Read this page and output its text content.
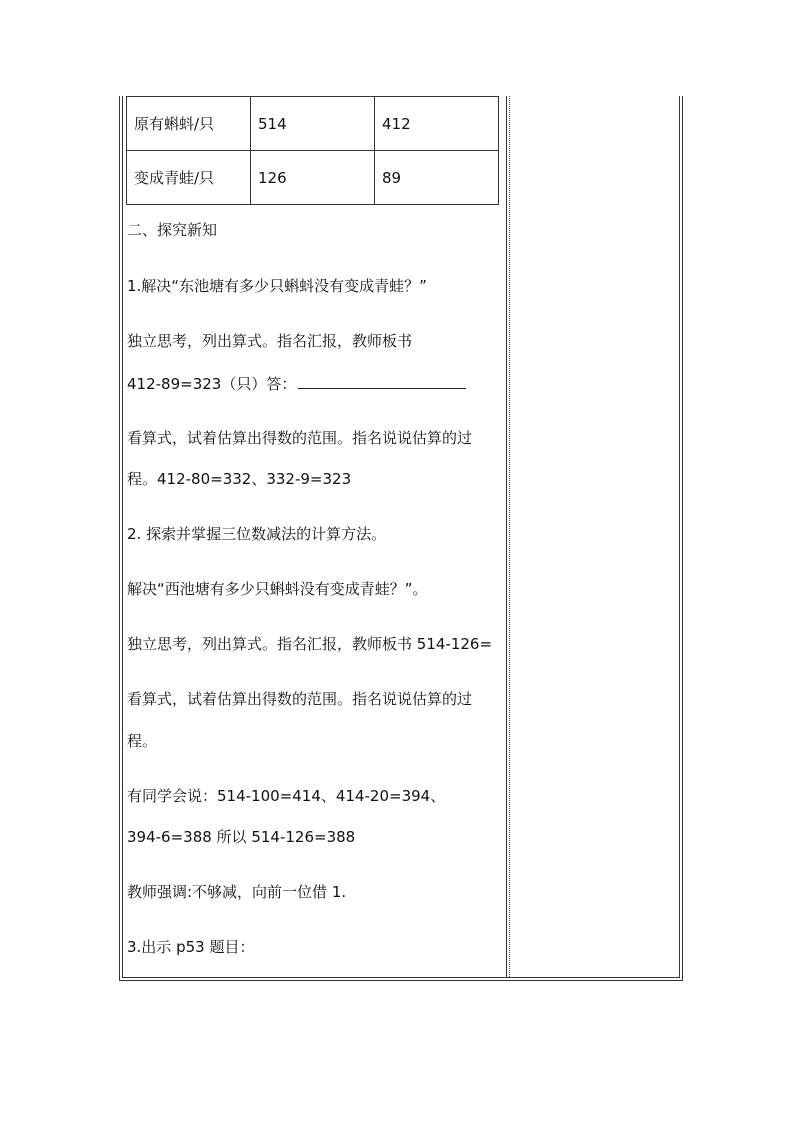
原有蝌蚪/只	514	412
变成青蛙/只	126	89
二、探究新知
1.解决“东池塘有多少只蝌蚪没有变成青蛙？”
独立思考，列出算式。指名汇报，教师板书
412-89=323（只）答：
看算式，试着估算出得数的范围。指名说说估算的过
程。412-80=332、332-9=323
2. 探索并掌握三位数减法的计算方法。
解决“西池塘有多少只蝌蚪没有变成青蛙？”。
独立思考，列出算式。指名汇报，教师板书 514-126=
看算式，试着估算出得数的范围。指名说说估算的过
程。
有同学会说：514-100=414、414-20=394、
394-6=388 所以 514-126=388
教师强调:不够减，向前一位借 1.
3.出示 p53 题目：
